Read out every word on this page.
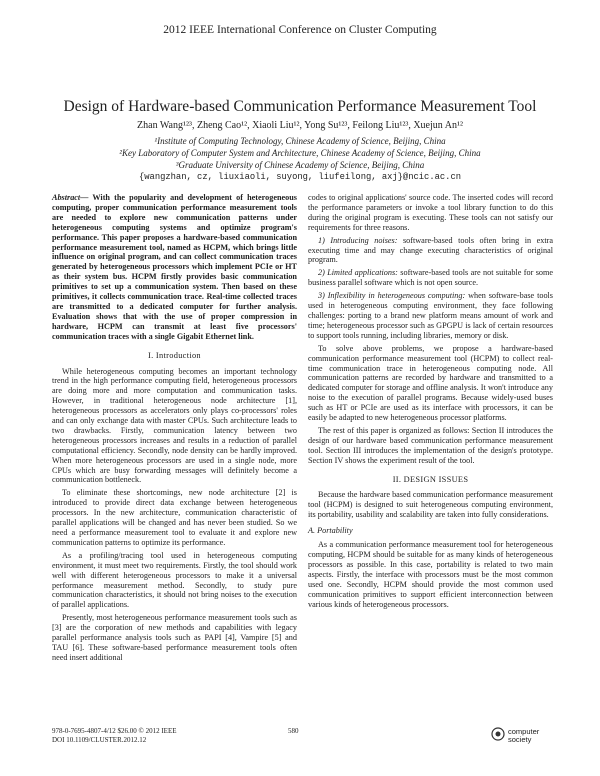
2012 IEEE International Conference on Cluster Computing
Design of Hardware-based Communication Performance Measurement Tool
Zhan Wang¹²³, Zheng Cao¹², Xiaoli Liu¹², Yong Su¹²³, Feilong Liu¹²³, Xuejun An¹²
¹Institute of Computing Technology, Chinese Academy of Science, Beijing, China
²Key Laboratory of Computer System and Architecture, Chinese Academy of Science, Beijing, China
³Graduate University of Chinese Academy of Science, Beijing, China
{wangzhan, cz, liuxiaoli, suyong, liufeilong, axj}@ncic.ac.cn

Abstract— With the popularity and development of heterogeneous computing, proper communication performance measurement tools are needed to explore new communication patterns under heterogeneous computing systems and optimize program's performance. This paper proposes a hardware-based communication performance measurement tool, named as HCPM, which brings little influence on original program, and can collect communication traces generated by heterogeneous processors which implement PCIe or HT as their system bus. HCPM firstly provides basic communication primitives to set up a communication system. Then based on these primitives, it collects communication trace. Real-time collected traces are transmitted to a dedicated computer for further analysis. Evaluation shows that with the use of proper compression in hardware, HCPM can transmit at least five processors' communication traces with a single Gigabit Ethernet link.

I. Introduction

While heterogeneous computing becomes an important technology trend in the high performance computing field, heterogeneous processors are doing more and more computation and communication tasks. However, in traditional heterogeneous node architecture [1], heterogeneous processors as accelerators only plays co-processors' roles and can only exchange data with master CPUs. Such architecture leads to two drawbacks. Firstly, communication latency between two heterogeneous processors increases and results in a reduction of parallel computational efficiency. Secondly, node density can be hardly improved. When more heterogeneous processors are used in a single node, more CPUs which are busy forwarding messages will definitely become a communication bottleneck.

To eliminate these shortcomings, new node architecture [2] is introduced to provide direct data exchange between heterogeneous processors. In the new architecture, communication characteristic of parallel applications will be changed and has never been studied. So we need a performance measurement tool to evaluate it and explore new communication patterns to optimize its performance.

As a profiling/tracing tool used in heterogeneous computing environment, it must meet two requirements. Firstly, the tool should work well with different heterogeneous processors to make it a universal performance measurement method. Secondly, to study pure communication characteristics, it should not bring noises to the execution of parallel applications.

Presently, most heterogeneous performance measurement tools such as [3] are the corporation of new methods and capabilities with legacy parallel performance analysis tools such as PAPI [4], Vampire [5] and TAU [6]. These software-based performance measurement tools often need insert additional

codes to original applications' source code. The inserted codes will record the performance parameters or invoke a tool library function to do this during the original program is executing. These tools can not satisfy our requirements for three reasons.

1) Introducing noises: software-based tools often bring in extra executing time and may change executing characteristics of original program.

2) Limited applications: software-based tools are not suitable for some business parallel software which is not open source.

3) Inflexibility in heterogeneous computing: when software-base tools used in heterogeneous computing environment, they face following challenges: porting to a brand new platform means amount of work and time; heterogeneous processor such as GPGPU is lack of certain resources to support tools running, including libraries, memory or disk.

To solve above problems, we propose a hardware-based communication performance measurement tool (HCPM) to collect real-time communication trace in heterogeneous computing node. All communication patterns are recorded by hardware and transmitted to a dedicated computer for storage and offline analysis. It won't introduce any noise to the execution of parallel programs. Because widely-used buses such as HT or PCIe are used as its interface with processors, it can be easily be adapted to new heterogeneous processor platforms.

The rest of this paper is organized as follows: Section II introduces the design of our hardware based communication performance measurement tool. Section III introduces the implementation of the design's prototype. Section IV shows the experiment result of the tool.

II. DESIGN ISSUES

Because the hardware based communication performance measurement tool (HCPM) is designed to suit heterogeneous computing environment, its portability, usability and scalability are taken into fully considerations.

A. Portability

As a communication performance measurement tool for heterogeneous computing, HCPM should be suitable for as many kinds of heterogeneous processors as possible. In this case, portability is related to two main aspects. Firstly, the interface with processors must be the most common used one. Secondly, HCPM should provide the most common used communication primitives to support efficient interconnection between various kinds of heterogeneous processors.

978-0-7695-4807-4/12 $26.00 © 2012 IEEE
DOI 10.1109/CLUSTER.2012.12
580	computer
society
